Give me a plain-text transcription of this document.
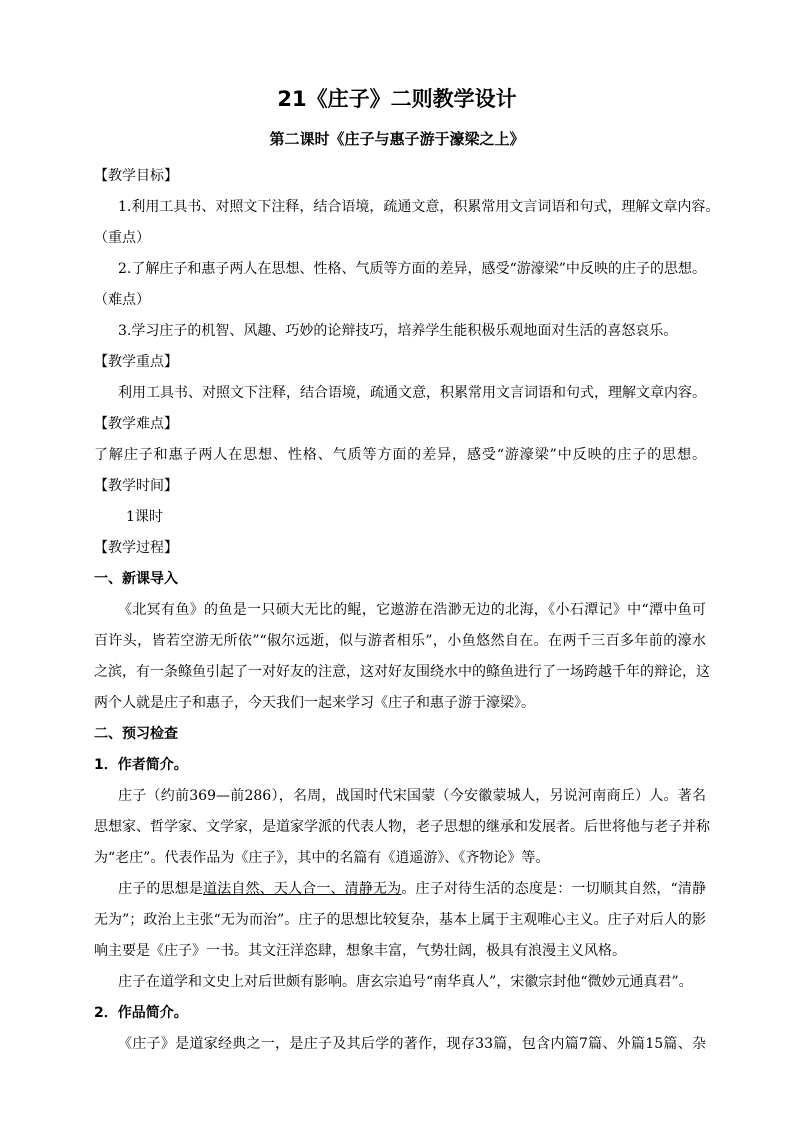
21《庄子》二则教学设计
第二课时《庄子与惠子游于濠梁之上》
【教学目标】
1.利用工具书、对照文下注释，结合语境，疏通文意，积累常用文言词语和句式，理解文章内容。
（重点）
2.了解庄子和惠子两人在思想、性格、气质等方面的差异，感受“游濠梁”中反映的庄子的思想。
（难点）
3.学习庄子的机智、风趣、巧妙的论辩技巧，培养学生能积极乐观地面对生活的喜怒哀乐。
【教学重点】
利用工具书、对照文下注释，结合语境，疏通文意，积累常用文言词语和句式，理解文章内容。
【教学难点】
了解庄子和惠子两人在思想、性格、气质等方面的差异，感受“游濠梁”中反映的庄子的思想。
【教学时间】
1课时
【教学过程】
一、新课导入
《北冥有鱼》的鱼是一只硕大无比的鲲，它遨游在浩渺无边的北海，《小石潭记》中“潭中鱼可
百许头，皆若空游无所依”“俶尔远逝，似与游者相乐”，小鱼悠然自在。在两千三百多年前的濠水
之滨，有一条鲦鱼引起了一对好友的注意，这对好友围绕水中的鲦鱼进行了一场跨越千年的辩论，这
两个人就是庄子和惠子，今天我们一起来学习《庄子和惠子游于濠梁》。
二、预习检查
1．作者简介。
庄子（约前369—前286），名周，战国时代宋国蒙（今安徽蒙城人，另说河南商丘）人。著名
思想家、哲学家、文学家，是道家学派的代表人物，老子思想的继承和发展者。后世将他与老子并称
为“老庄”。代表作品为《庄子》，其中的名篇有《逍遥游》、《齐物论》等。
庄子的思想是道法自然、天人合一、清静无为。庄子对待生活的态度是：一切顺其自然，“清静
无为”；政治上主张“无为而治”。庄子的思想比较复杂，基本上属于主观唯心主义。庄子对后人的影
响主要是《庄子》一书。其文汪洋恣肆，想象丰富，气势壮阔，极具有浪漫主义风格。
庄子在道学和文史上对后世颇有影响。唐玄宗追号“南华真人”，宋徽宗封他“微妙元通真君”。
2．作品简介。
《庄子》是道家经典之一，是庄子及其后学的著作，现存33篇，包含内篇7篇、外篇15篇、杂
